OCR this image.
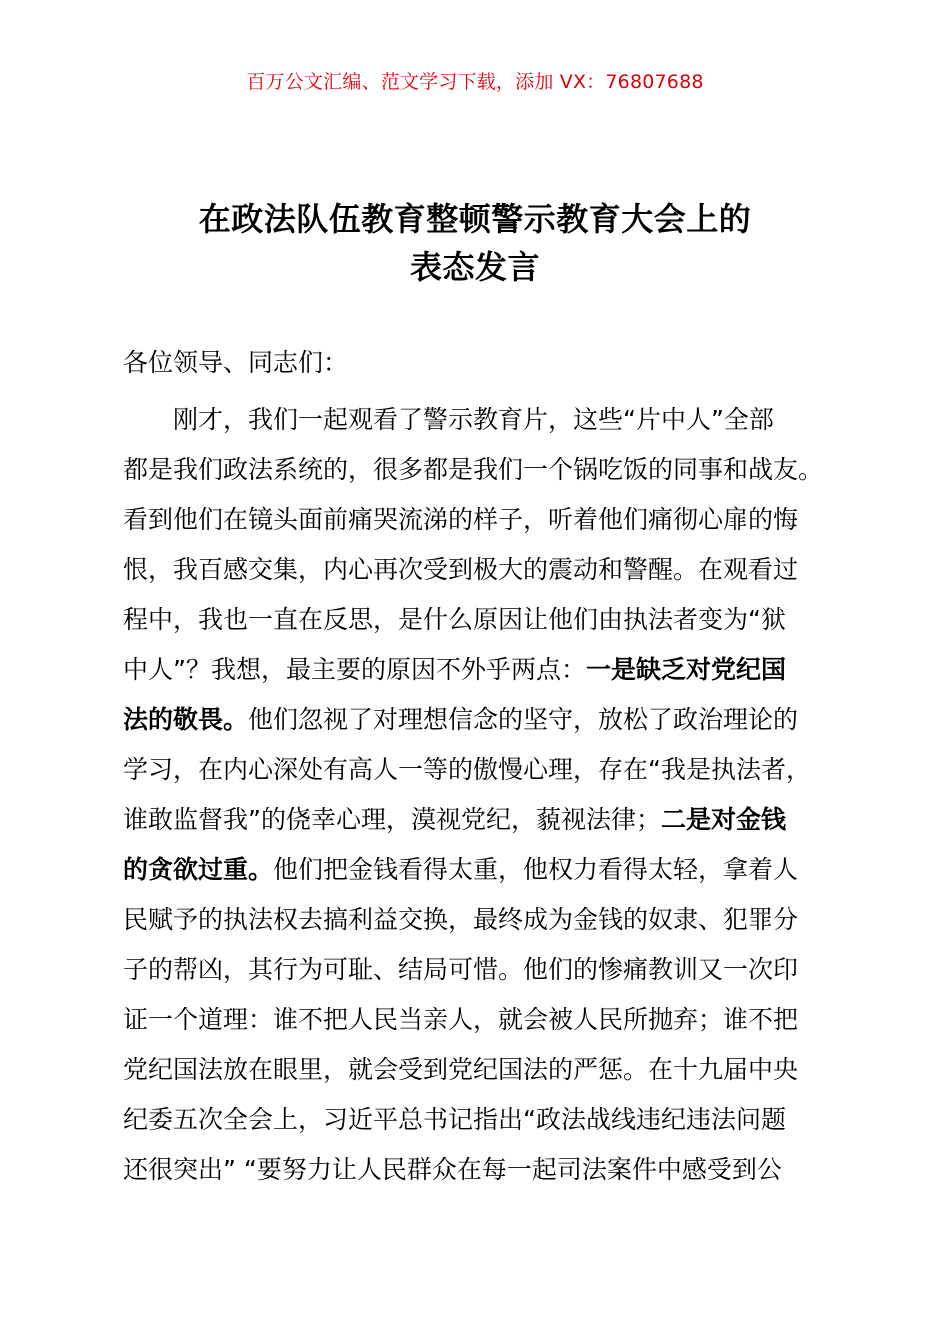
百万公文汇编、范文学习下载，添加 VX：76807688
在政法队伍教育整顿警示教育大会上的
表态发言
各位领导、同志们：
刚才，我们一起观看了警示教育片，这些“片中人”全部
都是我们政法系统的，很多都是我们一个锅吃饭的同事和战友。
看到他们在镜头面前痛哭流涕的样子，听着他们痛彻心扉的悔
恨，我百感交集，内心再次受到极大的震动和警醒。在观看过
程中，我也一直在反思，是什么原因让他们由执法者变为“狱
中人”？我想，最主要的原因不外乎两点：一是缺乏对党纪国
法的敬畏。他们忽视了对理想信念的坚守，放松了政治理论的
学习，在内心深处有高人一等的傲慢心理，存在“我是执法者，
谁敢监督我”的侥幸心理，漠视党纪，藐视法律；二是对金钱
的贪欲过重。他们把金钱看得太重，他权力看得太轻，拿着人
民赋予的执法权去搞利益交换，最终成为金钱的奴隶、犯罪分
子的帮凶，其行为可耻、结局可惜。他们的惨痛教训又一次印
证一个道理：谁不把人民当亲人，就会被人民所抛弃；谁不把
党纪国法放在眼里，就会受到党纪国法的严惩。在十九届中央
纪委五次全会上，习近平总书记指出“政法战线违纪违法问题
还很突出” “要努力让人民群众在每一起司法案件中感受到公
